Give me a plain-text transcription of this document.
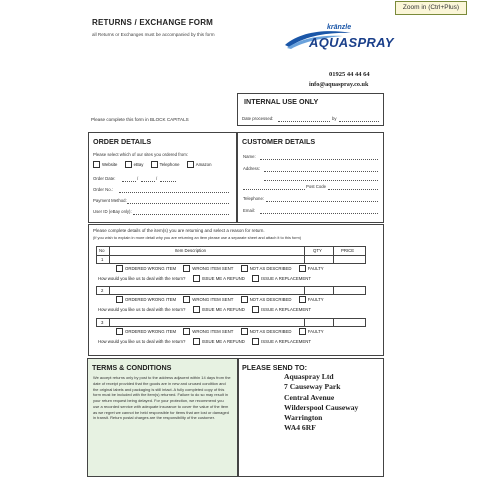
Zoom in (Ctrl+Plus)
RETURNS / EXCHANGE FORM
all Returns or Exchanges must be accompanied by this form
kränzle
AQUASPRAY
01925 44 44 64
info@aquaspray.co.uk
INTERNAL USE ONLY
Date processed:	by
Please complete this form in BLOCK CAPITALS
ORDER DETAILS
Please select which of our sites you ordered from:
Website	eBay	Telephone	Amazon
Order Date:	/	/
Order No.:
Payment Method:
User ID (eBay only):
CUSTOMER DETAILS
Name:
Address:
Post Code
Telephone:
Email:
Please complete details of the item(s) you are returning and select a reason for return.
(If you wish to explain in more detail why you are returning an item please use a separate sheet and attach it to this form)
No	Item Description	QTY	PRICE
1
ORDERED WRONG ITEM	WRONG ITEM SENT	NOT AS DESCRIBED	FAULTY
How would you like us to deal with the return?	ISSUE ME A REFUND	ISSUE A REPLACEMENT
2
ORDERED WRONG ITEM	WRONG ITEM SENT	NOT AS DESCRIBED	FAULTY
How would you like us to deal with the return?	ISSUE ME A REFUND	ISSUE A REPLACEMENT
3
ORDERED WRONG ITEM	WRONG ITEM SENT	NOT AS DESCRIBED	FAULTY
How would you like us to deal with the return?	ISSUE ME A REFUND	ISSUE A REPLACEMENT
TERMS & CONDITIONS
We accept returns only by post to the address adjacent within 14 days from the date of receipt provided that the goods are in new and unused condition and the original labels and packaging is still intact. A fully completed copy of this form must be included with the item(s) returned. Failure to do so may result in your return request being delayed. For your protection, we recommend you use a recorded service with adequate insurance to cover the value of the item as we regret we cannot be held responsible for items that are lost or damaged in transit. Return postal charges are the responsibility of the customer.
PLEASE SEND TO:
Aquaspray Ltd
7 Causeway Park
Central Avenue
Wilderspool Causeway
Warrington
WA4 6RF
